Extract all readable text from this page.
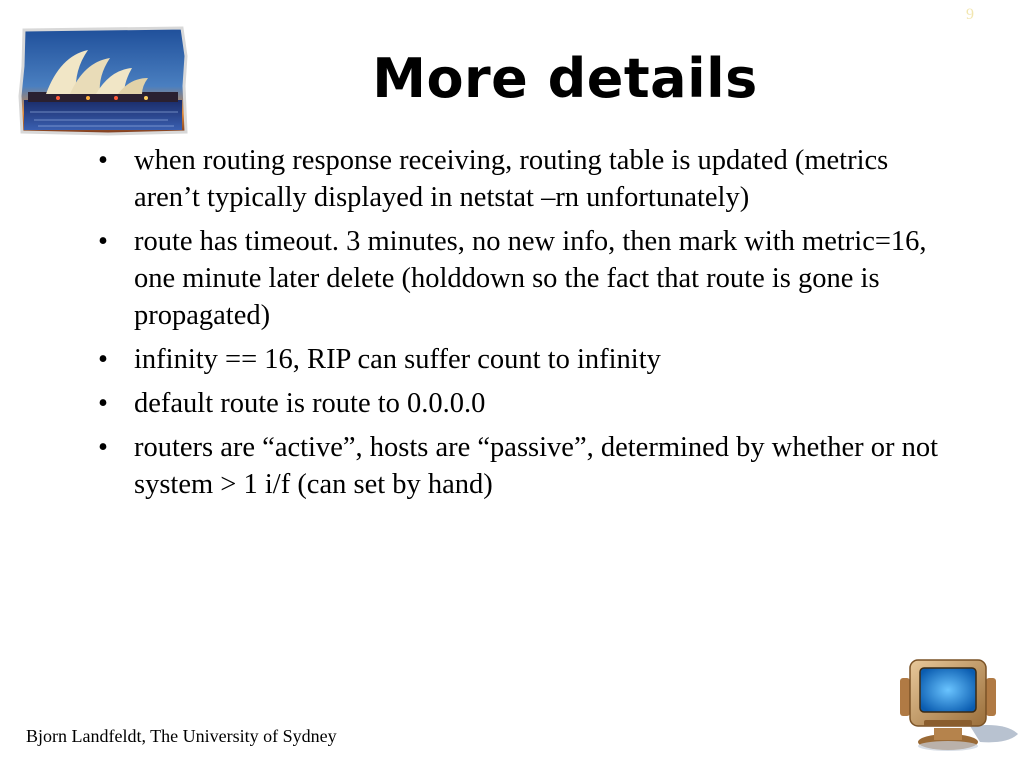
9
More details
• when routing response receiving, routing table is updated (metrics aren’t typically displayed in netstat –rn unfortunately)
• route has timeout. 3 minutes, no new info, then mark with metric=16, one minute later delete (holddown so the fact that route is gone is propagated)
• infinity == 16, RIP can suffer count to infinity
• default route is route to 0.0.0.0
• routers are “active”, hosts are “passive”, determined by whether or not system > 1 i/f (can set by hand)
Bjorn Landfeldt, The University of Sydney
